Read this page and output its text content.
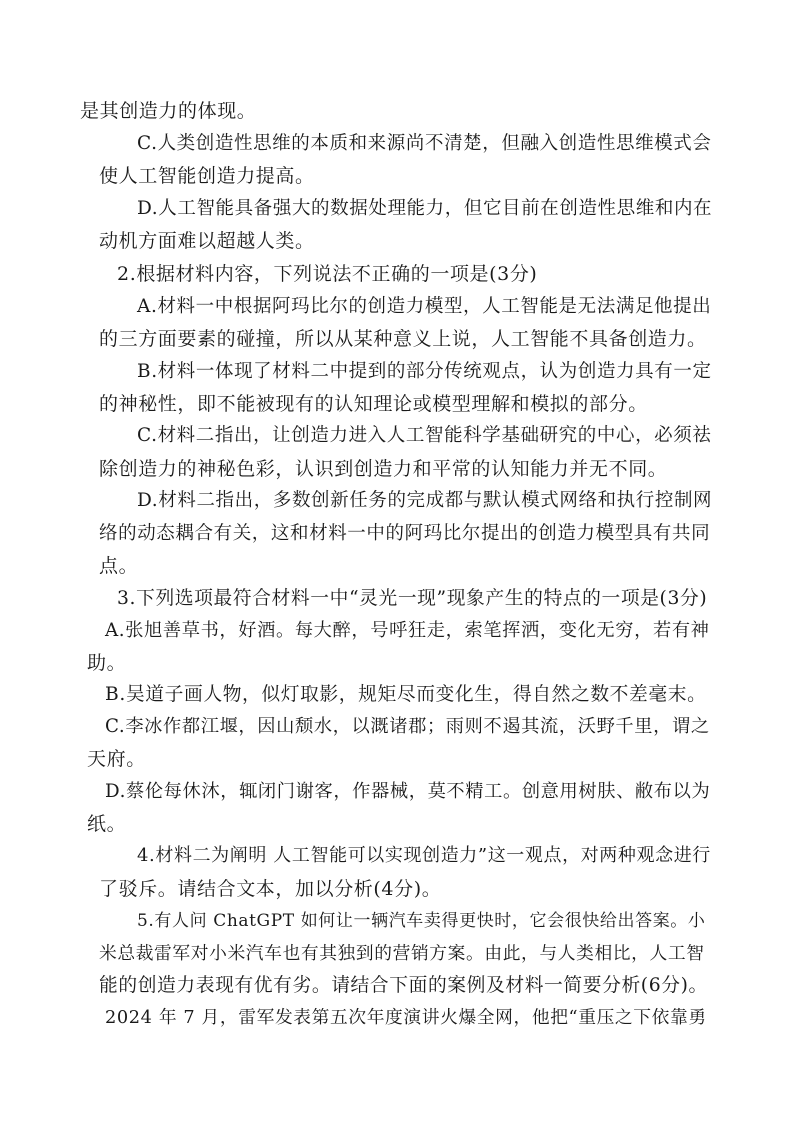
是其创造力的体现。
C.人类创造性思维的本质和来源尚不清楚，但融入创造性思维模式会
使人工智能创造力提高。
D.人工智能具备强大的数据处理能力，但它目前在创造性思维和内在
动机方面难以超越人类。
2.根据材料内容，下列说法不正确的一项是(3分)
A.材料一中根据阿玛比尔的创造力模型，人工智能是无法满足他提出
的三方面要素的碰撞，所以从某种意义上说，人工智能不具备创造力。
B.材料一体现了材料二中提到的部分传统观点，认为创造力具有一定
的神秘性，即不能被现有的认知理论或模型理解和模拟的部分。
C.材料二指出，让创造力进入人工智能科学基础研究的中心，必须祛
除创造力的神秘色彩，认识到创造力和平常的认知能力并无不同。
D.材料二指出，多数创新任务的完成都与默认模式网络和执行控制网
络的动态耦合有关，这和材料一中的阿玛比尔提出的创造力模型具有共同
点。
3.下列选项最符合材料一中“灵光一现”现象产生的特点的一项是(3分)
A.张旭善草书，好酒。每大醉，号呼狂走，索笔挥洒，变化无穷，若有神
助。
B.吴道子画人物，似灯取影，规矩尽而变化生，得自然之数不差毫末。
C.李冰作都江堰，因山颓水，以溉诸郡；雨则不遏其流，沃野千里，谓之
天府。
D.蔡伦每休沐，辄闭门谢客，作器械，莫不精工。创意用树肤、敝布以为
纸。
4.材料二为阐明 人工智能可以实现创造力”这一观点，对两种观念进行
了驳斥。请结合文本，加以分析(4分)。
5.有人问 ChatGPT 如何让一辆汽车卖得更快时，它会很快给出答案。小
米总裁雷军对小米汽车也有其独到的营销方案。由此，与人类相比，人工智
能的创造力表现有优有劣。请结合下面的案例及材料一简要分析(6分)。
2024 年 7 月，雷军发表第五次年度演讲火爆全网，他把“重压之下依靠勇
